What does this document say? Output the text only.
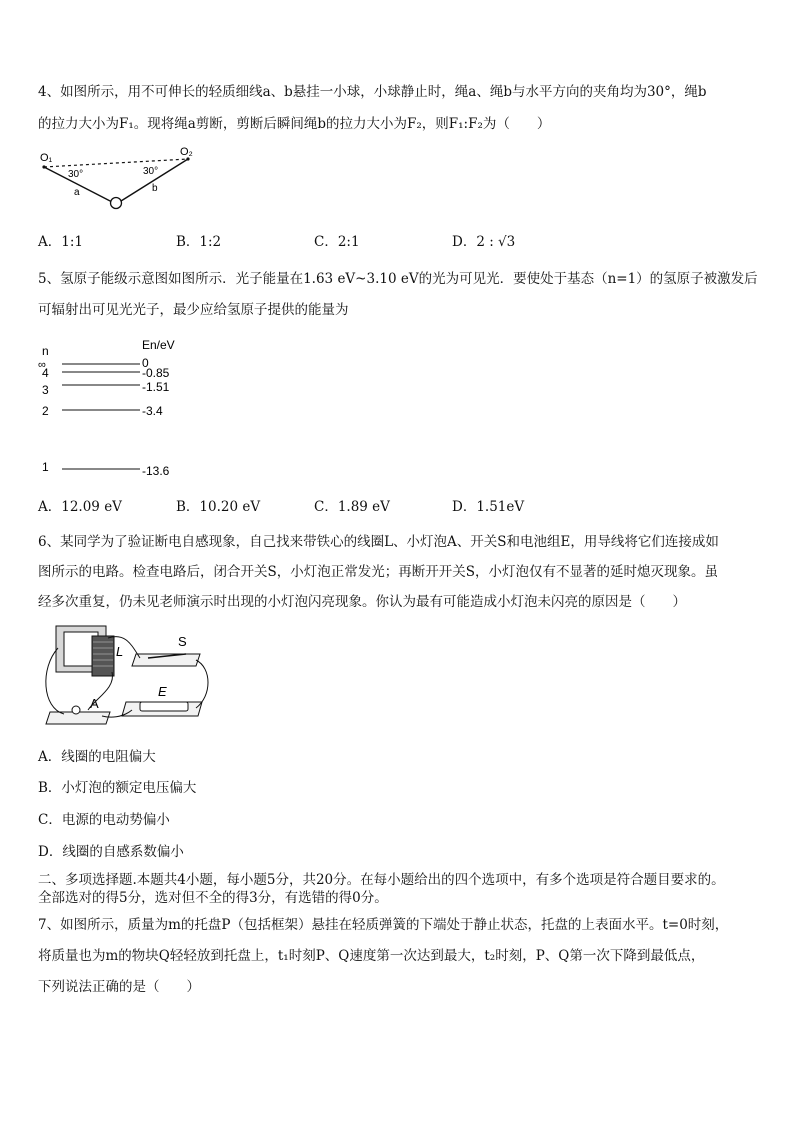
4、如图所示，用不可伸长的轻质细线a、b悬挂一小球，小球静止时，绳a、绳b与水平方向的夹角均为30°，绳b
的拉力大小为F₁。现将绳a剪断，剪断后瞬间绳b的拉力大小为F₂，则F₁:F₂为（　　）
O₁	O₂
30°	30°
a	b
A．1:1	B．1:2	C．2:1	D．2 : √3
5、氢原子能级示意图如图所示．光子能量在1.63 eV~3.10 eV的光为可见光．要使处于基态（n=1）的氢原子被激发后
可辐射出可见光光子，最少应给氢原子提供的能量为
n	En/eV
∞	0
4	-0.85
3	-1.51
2	-3.4
1	-13.6
A．12.09 eV	B．10.20 eV	C．1.89 eV	D．1.51eV
6、某同学为了验证断电自感现象，自己找来带铁心的线圈L、小灯泡A、开关S和电池组E，用导线将它们连接成如
图所示的电路。检查电路后，闭合开关S，小灯泡正常发光；再断开开关S，小灯泡仅有不显著的延时熄灭现象。虽
经多次重复，仍未见老师演示时出现的小灯泡闪亮现象。你认为最有可能造成小灯泡未闪亮的原因是（　　）
L
S
E
A
A．线圈的电阻偏大
B．小灯泡的额定电压偏大
C．电源的电动势偏小
D．线圈的自感系数偏小
二、多项选择题.本题共4小题，每小题5分，共20分。在每小题给出的四个选项中，有多个选项是符合题目要求的。
全部选对的得5分，选对但不全的得3分，有选错的得0分。
7、如图所示，质量为m的托盘P（包括框架）悬挂在轻质弹簧的下端处于静止状态，托盘的上表面水平。t=0时刻，
将质量也为m的物块Q轻轻放到托盘上，t₁时刻P、Q速度第一次达到最大，t₂时刻，P、Q第一次下降到最低点，
下列说法正确的是（　　）
